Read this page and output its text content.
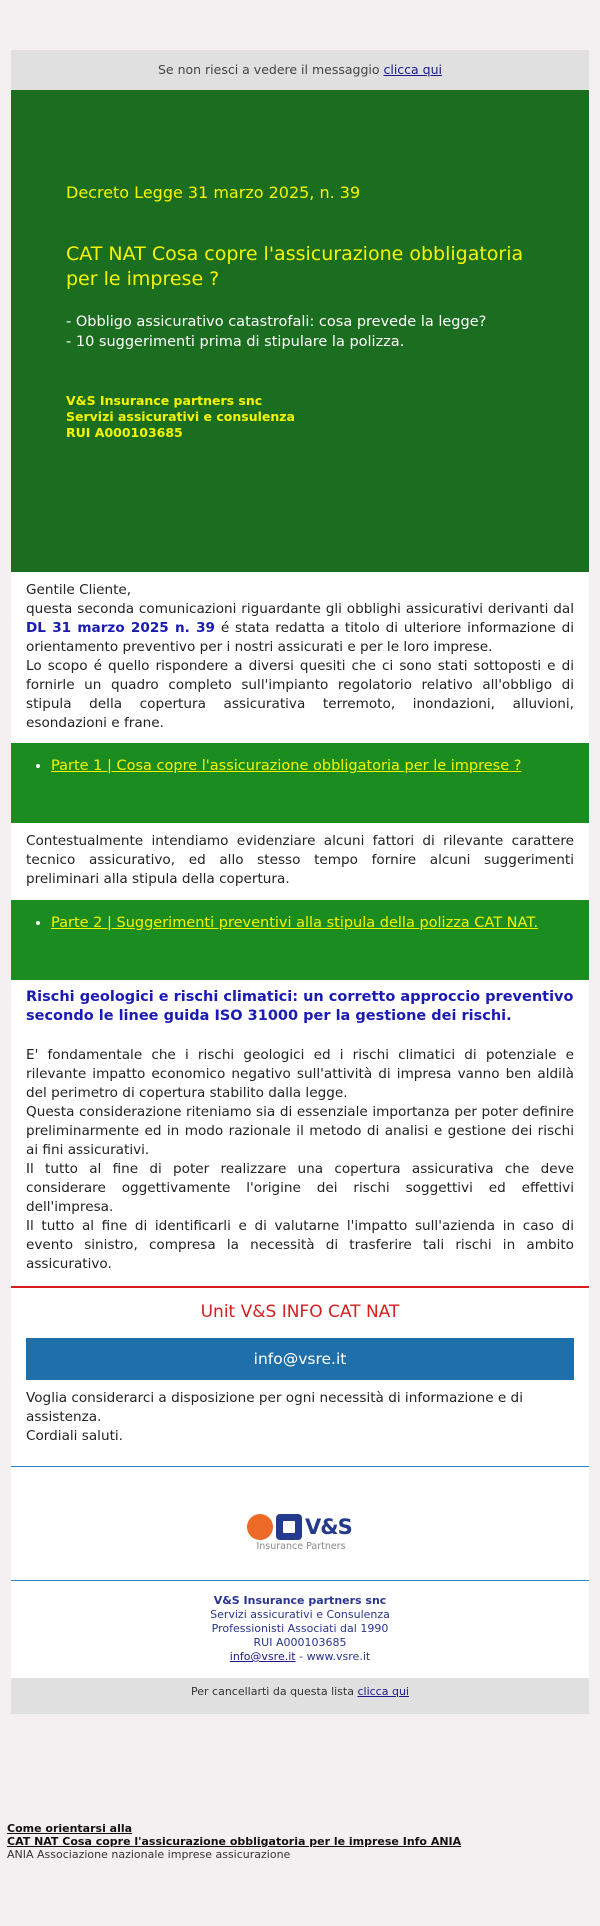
Se non riesci a vedere il messaggio clicca qui
Decreto Legge 31 marzo 2025, n. 39
CAT NAT Cosa copre l'assicurazione obbligatoria per le imprese ?
- Obbligo assicurativo catastrofali: cosa prevede la legge?
- 10 suggerimenti prima di stipulare la polizza.
V&S Insurance partners snc
Servizi assicurativi e consulenza
RUI A000103685
Gentile Cliente,
questa seconda comunicazioni riguardante gli obblighi assicurativi derivanti dal DL 31 marzo 2025 n. 39 é stata redatta a titolo di ulteriore informazione di orientamento preventivo per i nostri assicurati e per le loro imprese.
Lo scopo é quello rispondere a diversi quesiti che ci sono stati sottoposti e di fornirle un quadro completo sull'impianto regolatorio relativo all'obbligo di stipula della copertura assicurativa terremoto, inondazioni, alluvioni, esondazioni e frane.
• Parte 1 | Cosa copre l'assicurazione obbligatoria per le imprese ?
Contestualmente intendiamo evidenziare alcuni fattori di rilevante carattere tecnico assicurativo, ed allo stesso tempo fornire alcuni suggerimenti preliminari alla stipula della copertura.
• Parte 2 | Suggerimenti preventivi alla stipula della polizza CAT NAT.
Rischi geologici e rischi climatici: un corretto approccio preventivo secondo le linee guida ISO 31000 per la gestione dei rischi.
E' fondamentale che i rischi geologici ed i rischi climatici di potenziale e rilevante impatto economico negativo sull'attività di impresa vanno ben aldilà del perimetro di copertura stabilito dalla legge.
Questa considerazione riteniamo sia di essenziale importanza per poter definire preliminarmente ed in modo razionale il metodo di analisi e gestione dei rischi ai fini assicurativi.
Il tutto al fine di poter realizzare una copertura assicurativa che deve considerare oggettivamente l'origine dei rischi soggettivi ed effettivi dell'impresa.
Il tutto al fine di identificarli e di valutarne l'impatto sull'azienda in caso di evento sinistro, compresa la necessità di trasferire tali rischi in ambito assicurativo.
Unit V&S INFO CAT NAT
info@vsre.it
Voglia considerarci a disposizione per ogni necessità di informazione e di assistenza.
Cordiali saluti.
V&S
Insurance Partners
V&S Insurance partners snc
Servizi assicurativi e Consulenza
Professionisti Associati dal 1990
RUI A000103685
info@vsre.it - www.vsre.it
Per cancellarti da questa lista clicca qui
Come orientarsi alla
CAT NAT Cosa copre l'assicurazione obbligatoria per le imprese Info ANIA
ANIA Associazione nazionale imprese assicurazione
